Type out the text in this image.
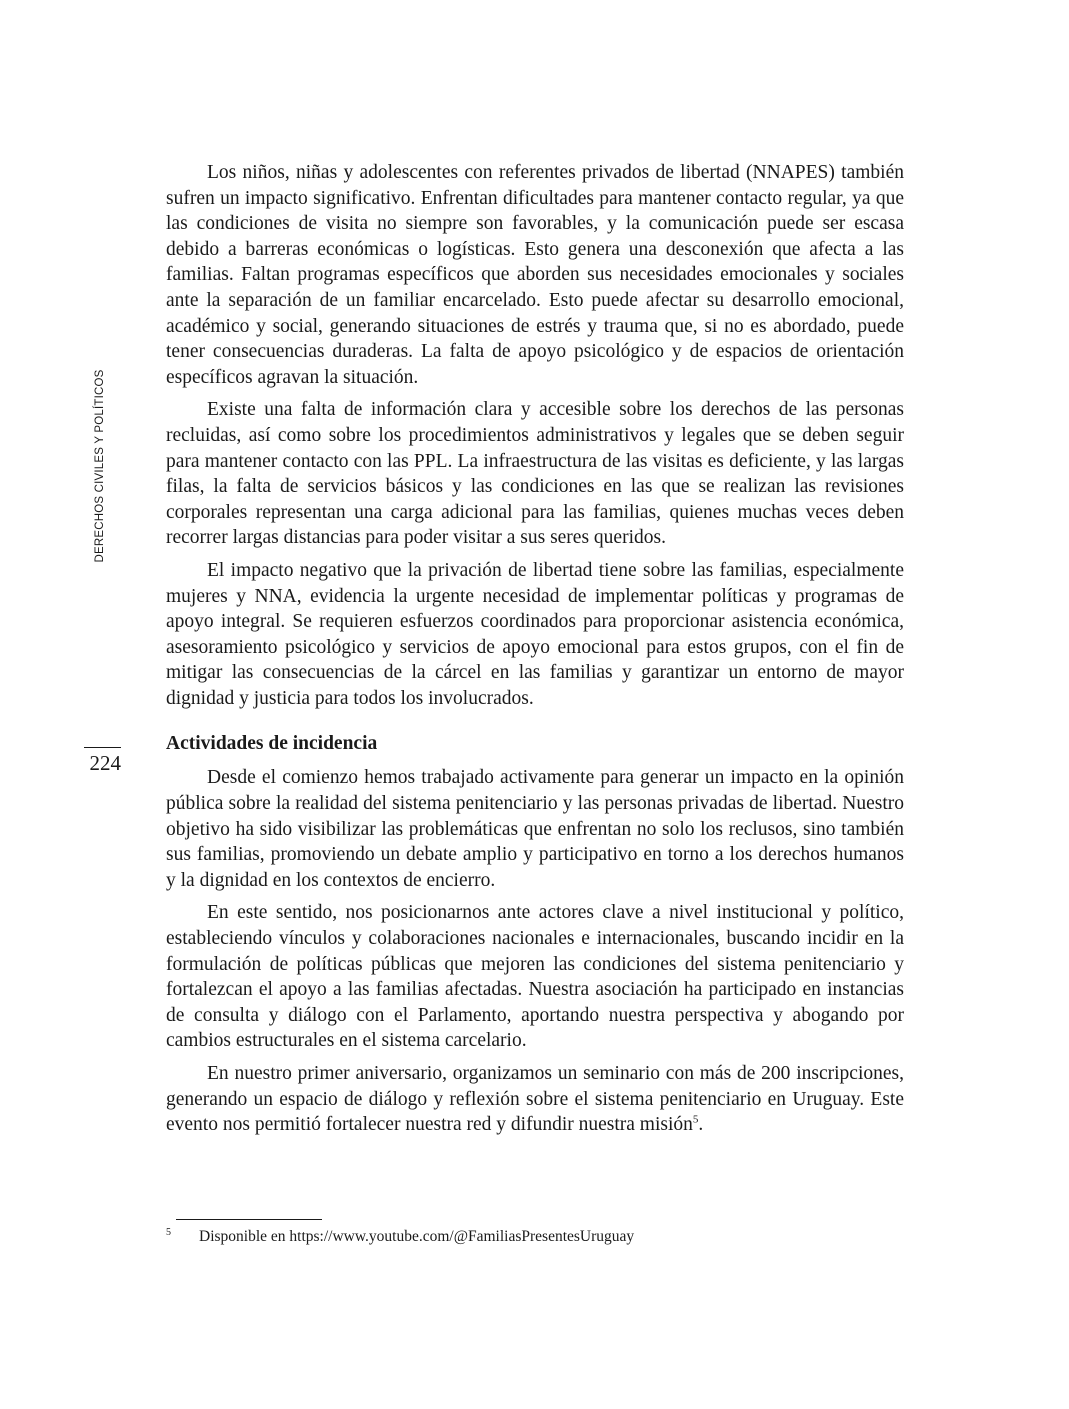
DERECHOS CIVILES Y POLÍTICOS
224

Los niños, niñas y adolescentes con referentes privados de libertad (NNAPES) también sufren un impacto significativo. Enfrentan dificultades para mantener contacto regular, ya que las condiciones de visita no siempre son favorables, y la comunicación puede ser escasa debido a barreras económicas o logísticas. Esto genera una desconexión que afecta a las familias. Faltan programas específicos que aborden sus necesidades emocionales y sociales ante la separación de un familiar encarcelado. Esto puede afectar su desarrollo emocional, académico y social, generando situaciones de estrés y trauma que, si no es abordado, puede tener consecuencias duraderas. La falta de apoyo psicológico y de espacios de orientación específicos agravan la situación.

Existe una falta de información clara y accesible sobre los derechos de las personas recluidas, así como sobre los procedimientos administrativos y legales que se deben seguir para mantener contacto con las PPL. La infraestructura de las visitas es deficiente, y las largas filas, la falta de servicios básicos y las condiciones en las que se realizan las revisiones corporales representan una carga adicional para las familias, quienes muchas veces deben recorrer largas distancias para poder visitar a sus seres queridos.

El impacto negativo que la privación de libertad tiene sobre las familias, especialmente mujeres y NNA, evidencia la urgente necesidad de implementar políticas y programas de apoyo integral. Se requieren esfuerzos coordinados para proporcionar asistencia económica, asesoramiento psicológico y servicios de apoyo emocional para estos grupos, con el fin de mitigar las consecuencias de la cárcel en las familias y garantizar un entorno de mayor dignidad y justicia para todos los involucrados.

Actividades de incidencia

Desde el comienzo hemos trabajado activamente para generar un impacto en la opinión pública sobre la realidad del sistema penitenciario y las personas privadas de libertad. Nuestro objetivo ha sido visibilizar las problemáticas que enfrentan no solo los reclusos, sino también sus familias, promoviendo un debate amplio y participativo en torno a los derechos humanos y la dignidad en los contextos de encierro.

En este sentido, nos posicionarnos ante actores clave a nivel institucional y político, estableciendo vínculos y colaboraciones nacionales e internacionales, buscando incidir en la formulación de políticas públicas que mejoren las condiciones del sistema penitenciario y fortalezcan el apoyo a las familias afectadas. Nuestra asociación ha participado en instancias de consulta y diálogo con el Parlamento, aportando nuestra perspectiva y abogando por cambios estructurales en el sistema carcelario.

En nuestro primer aniversario, organizamos un seminario con más de 200 inscripciones, generando un espacio de diálogo y reflexión sobre el sistema penitenciario en Uruguay. Este evento nos permitió fortalecer nuestra red y difundir nuestra misión$^5$.

5 Disponible en https://www.youtube.com/@FamiliasPresentesUruguay
